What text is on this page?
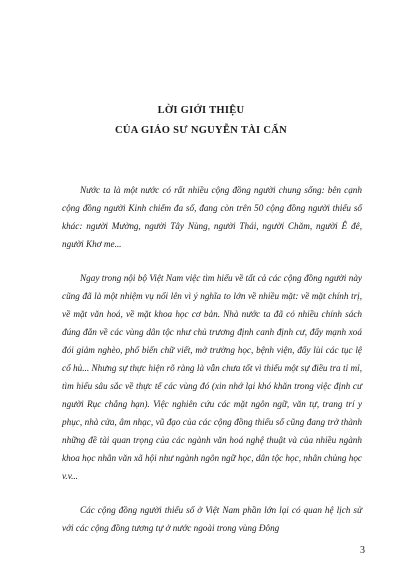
LỜI GIỚI THIỆU
CỦA GIÁO SƯ NGUYỄN TÀI CẨN

Nước ta là một nước có rất nhiều cộng đồng người chung sống: bên cạnh cộng đồng người Kinh chiếm đa số, đang còn trên 50 cộng đồng người thiểu số khác: người Mường, người Tây Nùng, người Thái, người Chăm, người Ê đê, người Khơ me...

Ngay trong nội bộ Việt Nam việc tìm hiểu về tất cả các cộng đồng người này cũng đã là một nhiệm vụ nổi lên vì ý nghĩa to lớn về nhiều mặt: về mặt chính trị, về mặt văn hoá, về mặt khoa học cơ bản. Nhà nước ta đã có nhiều chính sách đúng đắn về các vùng dân tộc như chủ trương định canh định cư, đẩy mạnh xoá đói giảm nghèo, phổ biến chữ viết, mở trường học, bệnh viện, đẩy lùi các tục lệ cổ hủ... Nhưng sự thực hiện rõ ràng là vẫn chưa tốt vì thiếu một sự điều tra tỉ mỉ, tìm hiểu sâu sắc về thực tế các vùng đó (xin nhớ lại khó khăn trong việc định cư người Rục chẳng hạn). Việc nghiên cứu các mặt ngôn ngữ, văn tự, trang trí y phục, nhà cửa, âm nhạc, vũ đạo của các cộng đồng thiểu số cũng đang trở thành những đề tài quan trọng của các ngành văn hoá nghệ thuật và của nhiều ngành khoa học nhân văn xã hội như ngành ngôn ngữ học, dân tộc học, nhân chủng học v.v...

Các cộng đồng người thiểu số ở Việt Nam phần lớn lại có quan hệ lịch sử với các cộng đồng tương tự ở nước ngoài trong vùng Đông

3
